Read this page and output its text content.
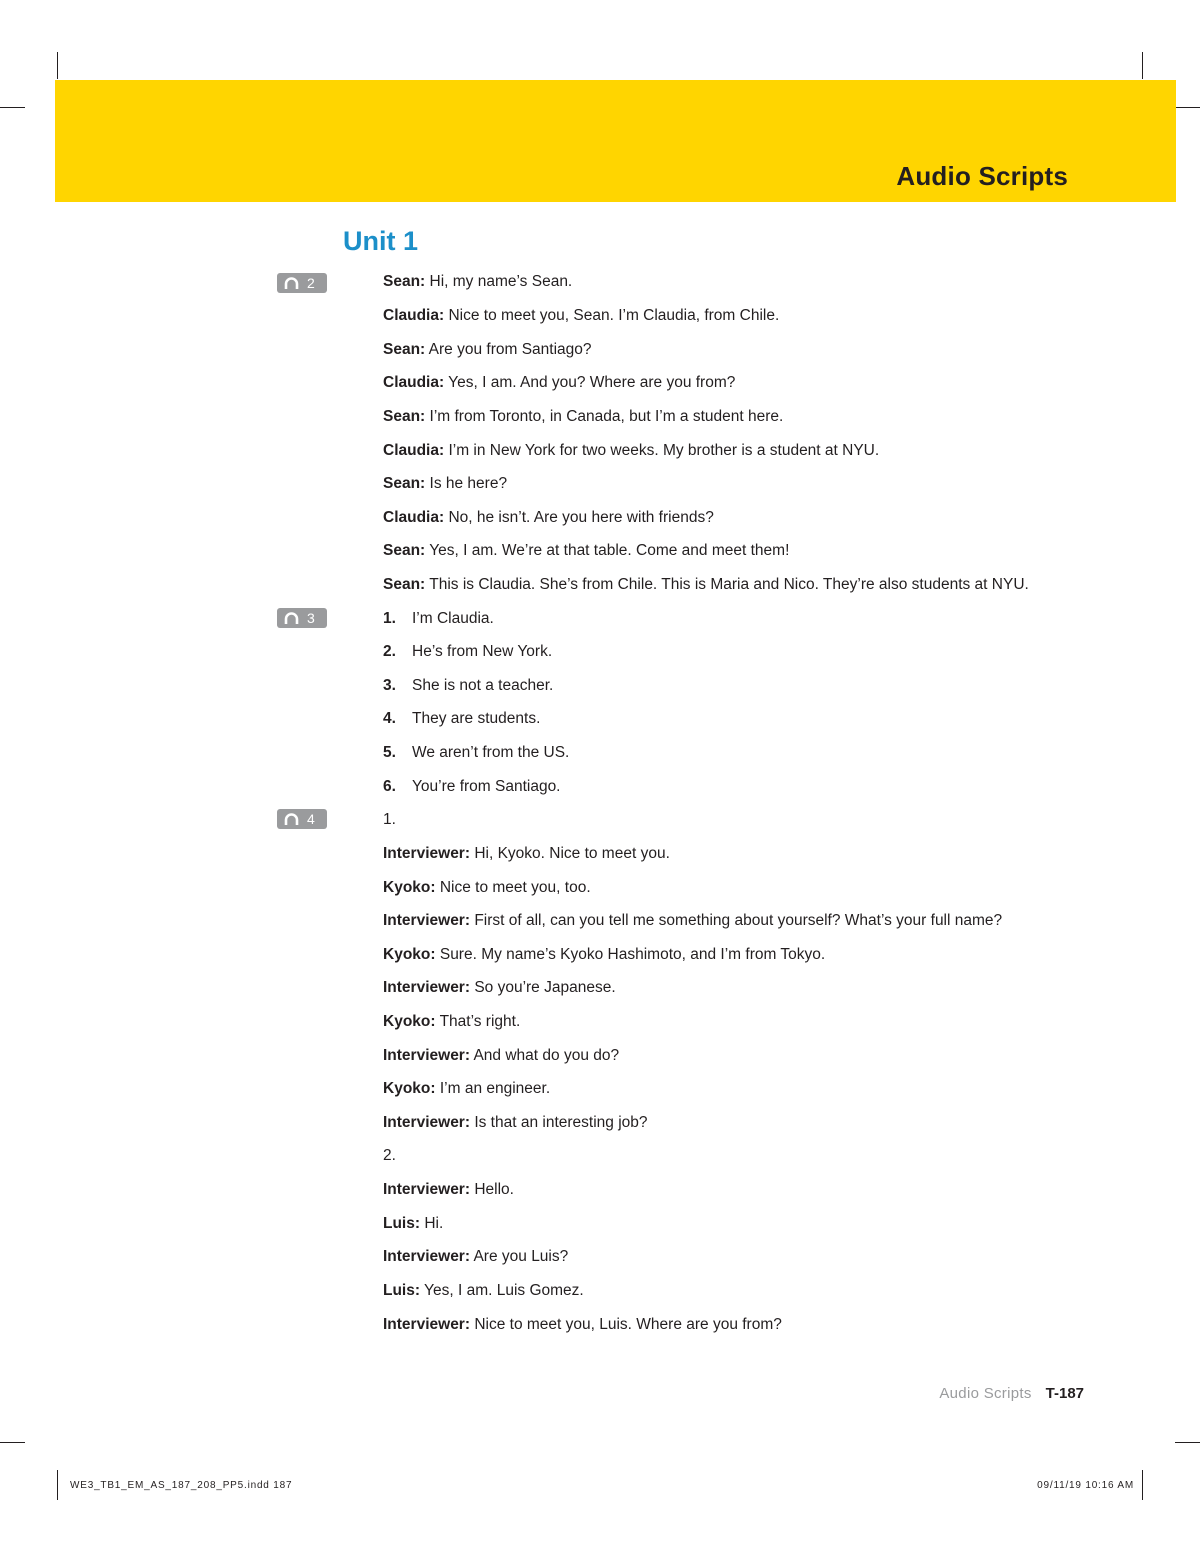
Audio Scripts
Unit 1
2
3
4
Sean: Hi, my name’s Sean.
Claudia: Nice to meet you, Sean. I’m Claudia, from Chile.
Sean: Are you from Santiago?
Claudia: Yes, I am. And you? Where are you from?
Sean: I’m from Toronto, in Canada, but I’m a student here.
Claudia: I’m in New York for two weeks. My brother is a student at NYU.
Sean: Is he here?
Claudia: No, he isn’t. Are you here with friends?
Sean: Yes, I am. We’re at that table. Come and meet them!
Sean: This is Claudia. She’s from Chile. This is Maria and Nico. They’re also students at NYU.
1. I’m Claudia.
2. He’s from New York.
3. She is not a teacher.
4. They are students.
5. We aren’t from the US.
6. You’re from Santiago.
1.
Interviewer: Hi, Kyoko. Nice to meet you.
Kyoko: Nice to meet you, too.
Interviewer: First of all, can you tell me something about yourself? What’s your full name?
Kyoko: Sure. My name’s Kyoko Hashimoto, and I’m from Tokyo.
Interviewer: So you’re Japanese.
Kyoko: That’s right.
Interviewer: And what do you do?
Kyoko: I’m an engineer.
Interviewer: Is that an interesting job?
2.
Interviewer: Hello.
Luis: Hi.
Interviewer: Are you Luis?
Luis: Yes, I am. Luis Gomez.
Interviewer: Nice to meet you, Luis. Where are you from?
Audio Scripts T-187
WE3_TB1_EM_AS_187_208_PP5.indd 187	09/11/19 10:16 AM
